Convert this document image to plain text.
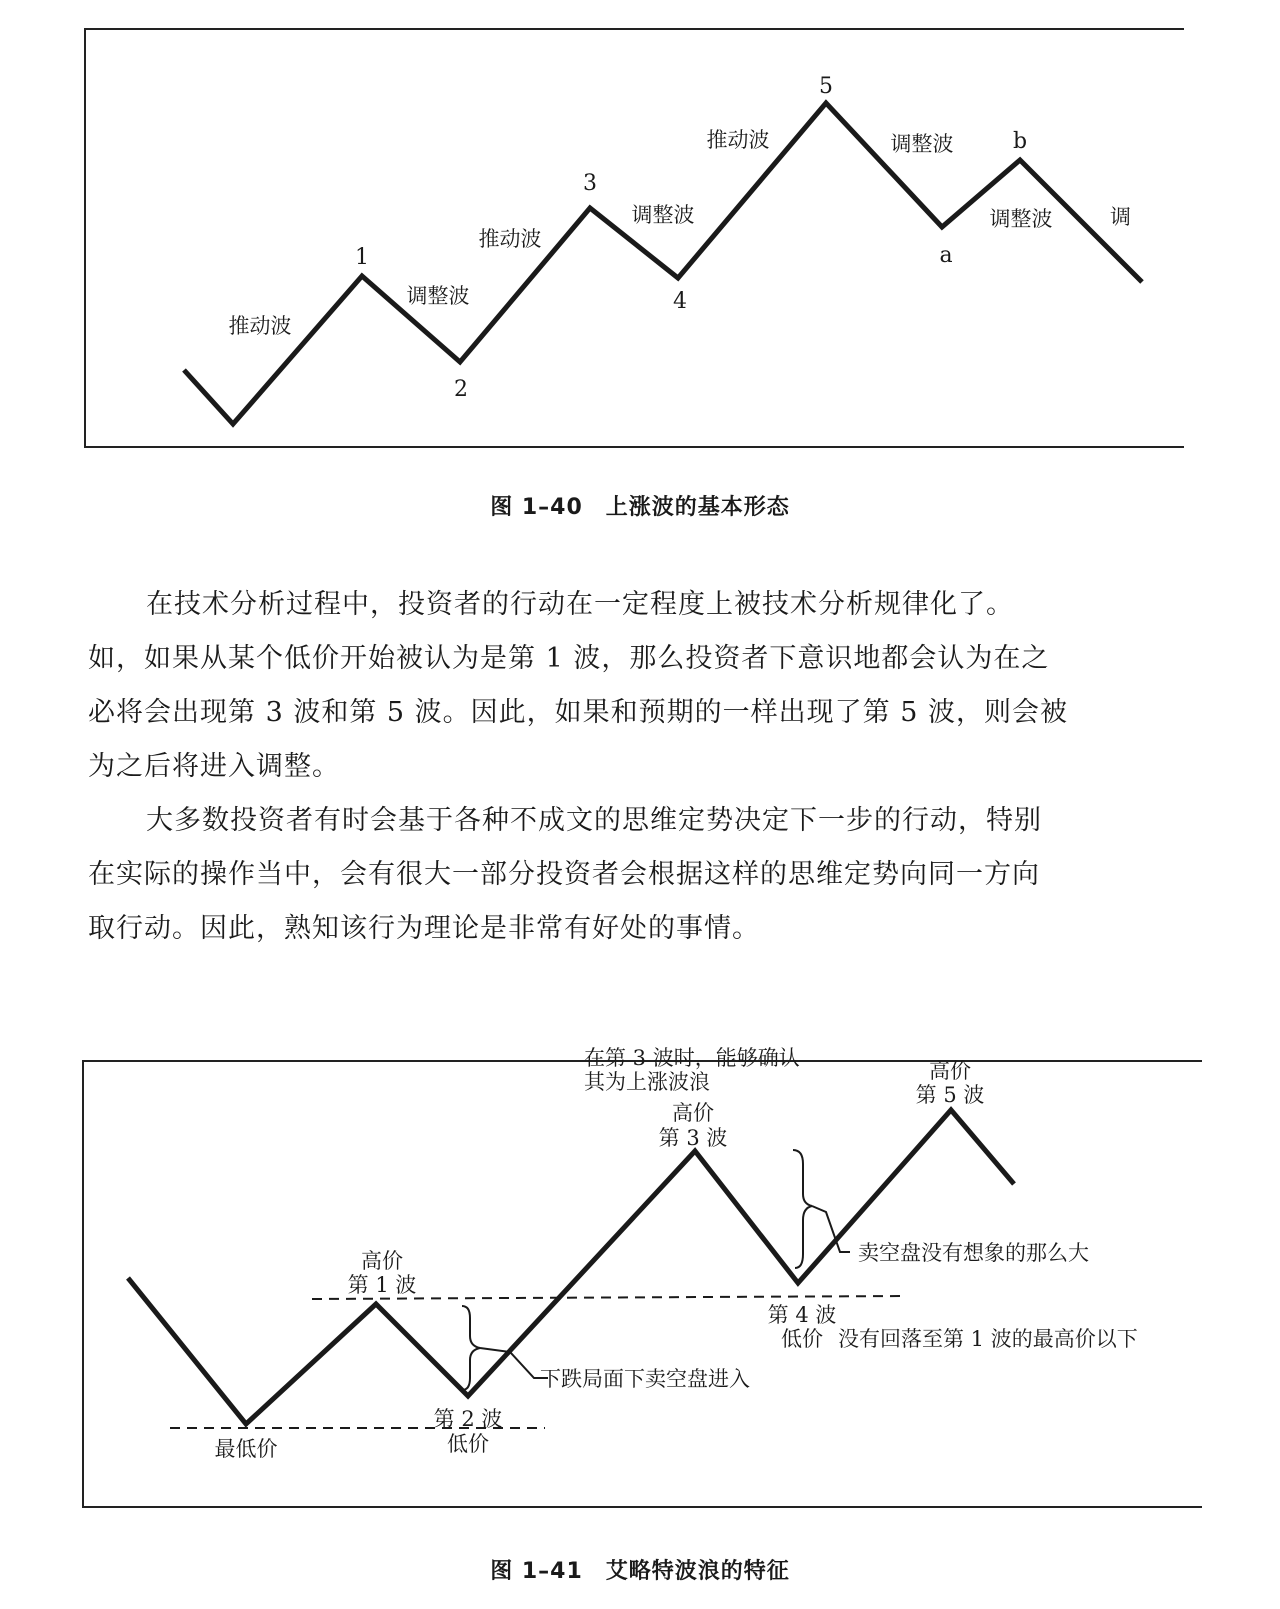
1
2
3
4
5
a
b
推动波
调整波
推动波
调整波
推动波	调整波
调整波	调
图 1–40　上涨波的基本形态

在技术分析过程中，投资者的行动在一定程度上被技术分析规律化了。

如，如果从某个低价开始被认为是第 1 波，那么投资者下意识地都会认为在之

必将会出现第 3 波和第 5 波。因此，如果和预期的一样出现了第 5 波，则会被

为之后将进入调整。

大多数投资者有时会基于各种不成文的思维定势决定下一步的行动，特别

在实际的操作当中，会有很大一部分投资者会根据这样的思维定势向同一方向

取行动。因此，熟知该行为理论是非常有好处的事情。

最低价
高价
第 1 波
第 2 波
低价
在第 3 波时，能够确认
其为上涨波浪
高价
第 3 波
第 4 波
低价 没有回落至第 1 波的最高价以下
高价
第 5 波
下跌局面下卖空盘进入
卖空盘没有想象的那么大
图 1–41　艾略特波浪的特征
